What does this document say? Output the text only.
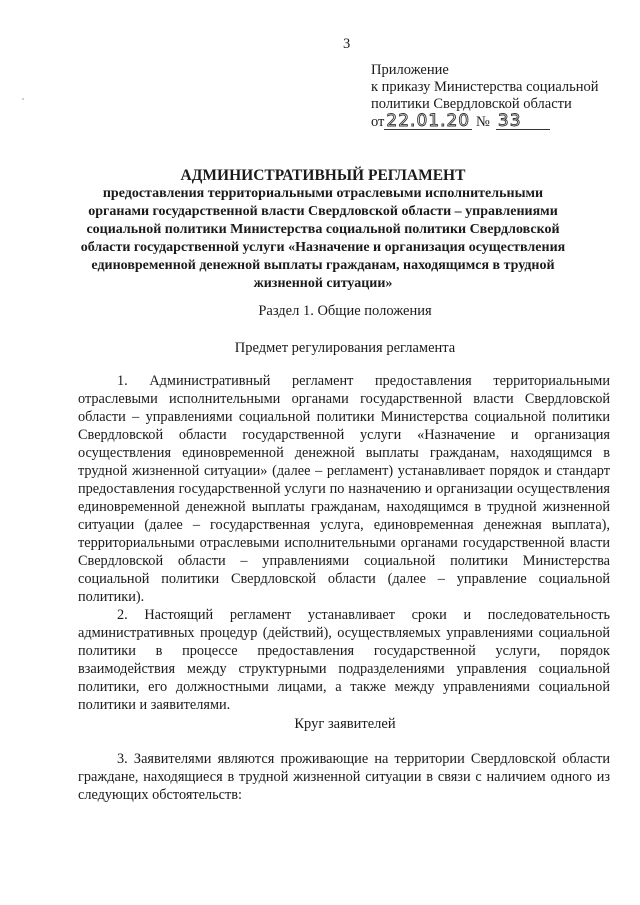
3
Приложение
к приказу Министерства социальной
политики Свердловской области
от 22.01.20 № 33
АДМИНИСТРАТИВНЫЙ РЕГЛАМЕНТ
предоставления территориальными отраслевыми исполнительными органами государственной власти Свердловской области – управлениями социальной политики Министерства социальной политики Свердловской области государственной услуги «Назначение и организация осуществления единовременной денежной выплаты гражданам, находящимся в трудной жизненной ситуации»
Раздел 1. Общие положения
Предмет регулирования регламента

1. Административный регламент предоставления территориальными отраслевыми исполнительными органами государственной власти Свердловской области – управлениями социальной политики Министерства социальной политики Свердловской области государственной услуги «Назначение и организация осуществления единовременной денежной выплаты гражданам, находящимся в трудной жизненной ситуации» (далее – регламент) устанавливает порядок и стандарт предоставления государственной услуги по назначению и организации осуществления единовременной денежной выплаты гражданам, находящимся в трудной жизненной ситуации (далее – государственная услуга, единовременная денежная выплата), территориальными отраслевыми исполнительными органами государственной власти Свердловской области – управлениями социальной политики Министерства социальной политики Свердловской области (далее – управление социальной политики).

2. Настоящий регламент устанавливает сроки и последовательность административных процедур (действий), осуществляемых управлениями социальной политики в процессе предоставления государственной услуги, порядок взаимодействия между структурными подразделениями управления социальной политики, его должностными лицами, а также между управлениями социальной политики и заявителями.

Круг заявителей

3. Заявителями являются проживающие на территории Свердловской области граждане, находящиеся в трудной жизненной ситуации в связи с наличием одного из следующих обстоятельств:
